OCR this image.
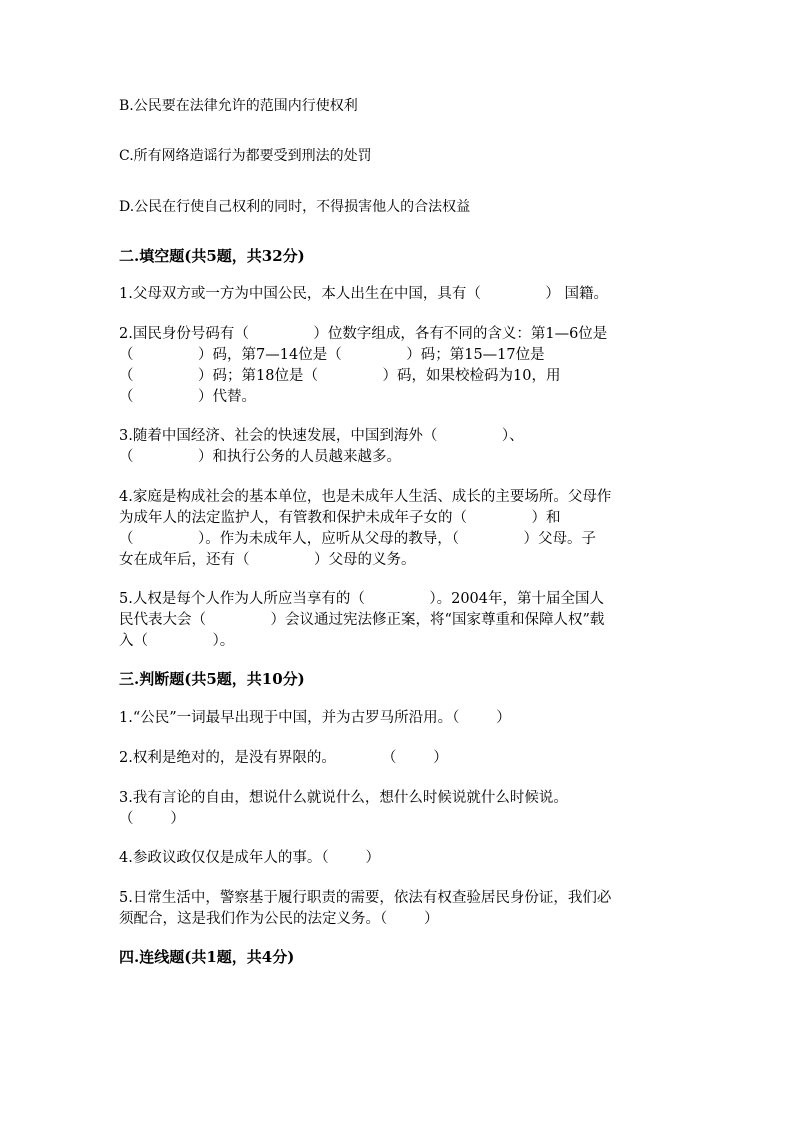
B.公民要在法律允许的范围内行使权利
C.所有网络造谣行为都要受到刑法的处罚
D.公民在行使自己权利的同时，不得损害他人的合法权益
二.填空题(共5题，共32分)
1.父母双方或一方为中国公民，本人出生在中国，具有（              ） 国籍。
2.国民身份号码有（              ）位数字组成，各有不同的含义：第1—6位是
（              ）码，第7—14位是（              ）码；第15—17位是
（              ）码；第18位是（              ）码，如果校检码为10，用
（              ）代替。
3.随着中国经济、社会的快速发展，中国到海外（              ）、
（              ）和执行公务的人员越来越多。
4.家庭是构成社会的基本单位，也是未成年人生活、成长的主要场所。父母作
为成年人的法定监护人，有管教和保护未成年子女的（              ）和
（              ）。作为未成年人，应听从父母的教导，（              ）父母。子
女在成年后，还有（              ）父母的义务。
5.人权是每个人作为人所应当享有的（              ）。2004年，第十届全国人
民代表大会（              ）会议通过宪法修正案，将“国家尊重和保障人权”载
入（              ）。
三.判断题(共5题，共10分)
1.“公民”一词最早出现于中国，并为古罗马所沿用。（        ）
2.权利是绝对的，是没有界限的。          （        ）
3.我有言论的自由，想说什么就说什么，想什么时候说就什么时候说。
（        ）
4.参政议政仅仅是成年人的事。（        ）
5.日常生活中，警察基于履行职责的需要，依法有权查验居民身份证，我们必
须配合，这是我们作为公民的法定义务。（        ）
四.连线题(共1题，共4分)
